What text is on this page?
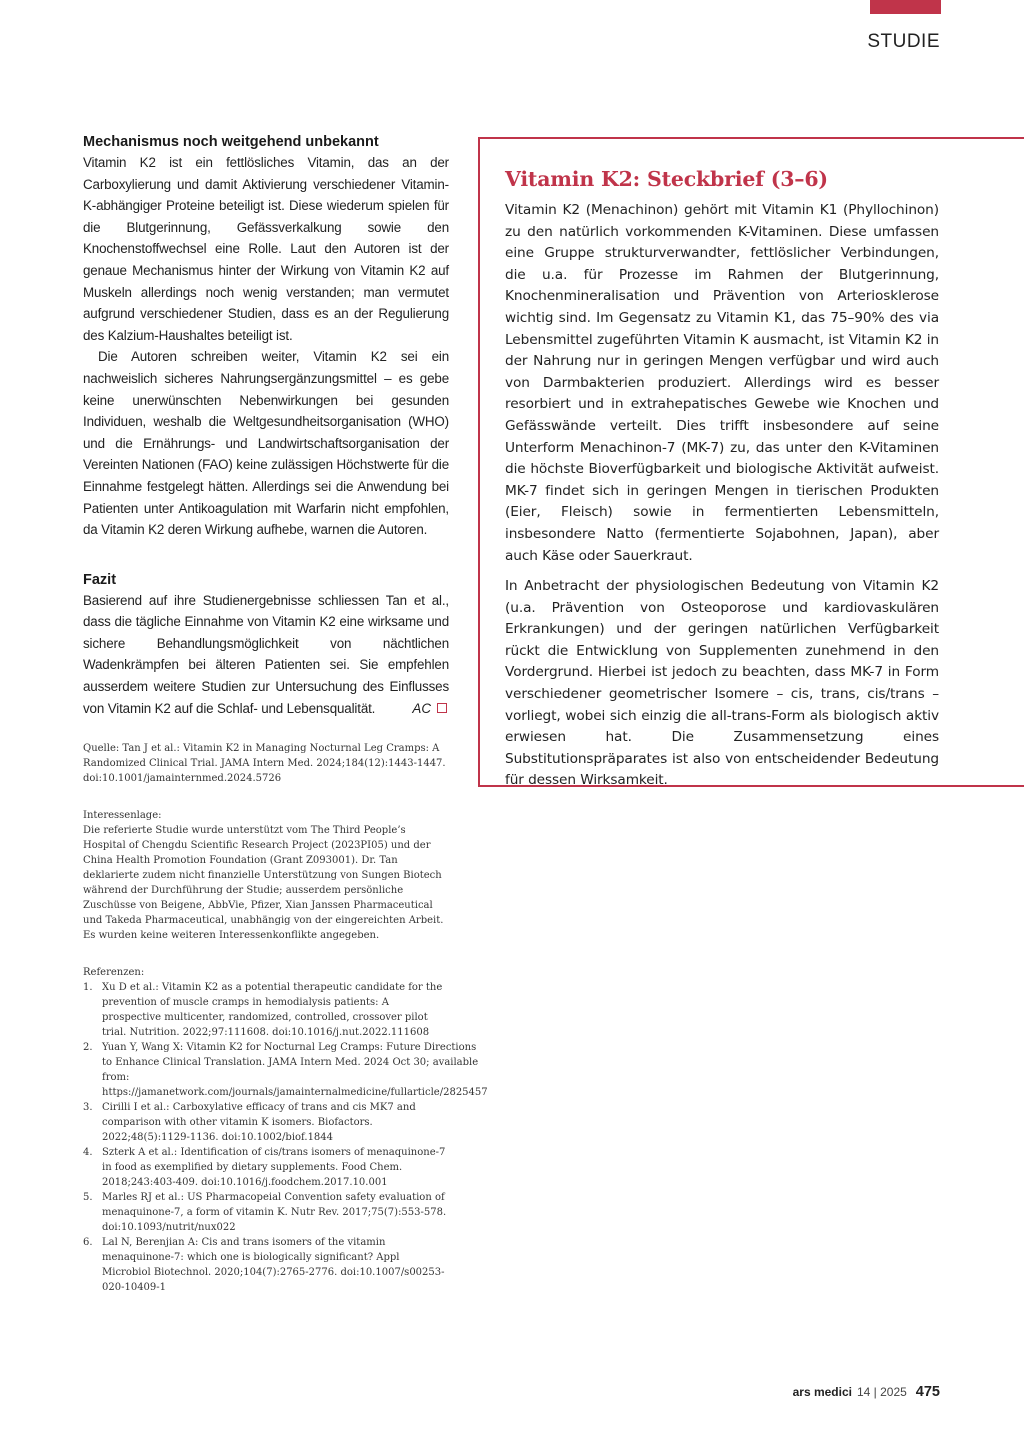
STUDIE
Mechanismus noch weitgehend unbekannt

Vitamin K2 ist ein fettlösliches Vitamin, das an der Carboxylierung und damit Aktivierung verschiedener Vitamin-K-abhängiger Proteine beteiligt ist. Diese wiederum spielen für die Blutgerinnung, Gefässverkalkung sowie den Knochenstoffwechsel eine Rolle. Laut den Autoren ist der genaue Mechanismus hinter der Wirkung von Vitamin K2 auf Muskeln allerdings noch wenig verstanden; man vermutet aufgrund verschiedener Studien, dass es an der Regulierung des Kalzium-Haushaltes beteiligt ist.

Die Autoren schreiben weiter, Vitamin K2 sei ein nachweislich sicheres Nahrungsergänzungsmittel – es gebe keine unerwünschten Nebenwirkungen bei gesunden Individuen, weshalb die Weltgesundheitsorganisation (WHO) und die Ernährungs- und Landwirtschaftsorganisation der Vereinten Nationen (FAO) keine zulässigen Höchstwerte für die Einnahme festgelegt hätten. Allerdings sei die Anwendung bei Patienten unter Antikoagulation mit Warfarin nicht empfohlen, da Vitamin K2 deren Wirkung aufhebe, warnen die Autoren.

Fazit

Basierend auf ihre Studienergebnisse schliessen Tan et al., dass die tägliche Einnahme von Vitamin K2 eine wirksame und sichere Behandlungsmöglichkeit von nächtlichen Wadenkrämpfen bei älteren Patienten sei. Sie empfehlen ausserdem weitere Studien zur Untersuchung des Einflusses von Vitamin K2 auf die Schlaf- und Lebensqualität.	AC

Quelle: Tan J et al.: Vitamin K2 in Managing Nocturnal Leg Cramps: A Randomized Clinical Trial. JAMA Intern Med. 2024;184(12):1443-1447. doi:10.1001/jamainternmed.2024.5726

Interessenlage:

Die referierte Studie wurde unterstützt vom The Third People’s Hospital of Chengdu Scientific Research Project (2023PI05) und der China Health Promotion Foundation (Grant Z093001). Dr. Tan deklarierte zudem nicht finanzielle Unterstützung von Sungen Biotech während der Durchführung der Studie; ausserdem persönliche Zuschüsse von Beigene, AbbVie, Pfizer, Xian Janssen Pharmaceutical und Takeda Pharmaceutical, unabhängig von der eingereichten Arbeit. Es wurden keine weiteren Interessenkonflikte angegeben.

Referenzen:

1. Xu D et al.: Vitamin K2 as a potential therapeutic candidate for the prevention of muscle cramps in hemodialysis patients: A prospective multicenter, randomized, controlled, crossover pilot trial. Nutrition. 2022;97:111608. doi:10.1016/j.nut.2022.111608
2. Yuan Y, Wang X: Vitamin K2 for Nocturnal Leg Cramps: Future Directions to Enhance Clinical Translation. JAMA Intern Med. 2024 Oct 30; available from: https://jamanetwork.com/journals/jamainternalmedicine/fullarticle/2825457
3. Cirilli I et al.: Carboxylative efficacy of trans and cis MK7 and comparison with other vitamin K isomers. Biofactors. 2022;48(5):1129-1136. doi:10.1002/biof.1844
4. Szterk A et al.: Identification of cis/trans isomers of menaquinone-7 in food as exemplified by dietary supplements. Food Chem. 2018;243:403-409. doi:10.1016/j.foodchem.2017.10.001
5. Marles RJ et al.: US Pharmacopeial Convention safety evaluation of menaquinone-7, a form of vitamin K. Nutr Rev. 2017;75(7):553-578. doi:10.1093/nutrit/nux022
6. Lal N, Berenjian A: Cis and trans isomers of the vitamin menaquinone-7: which one is biologically significant? Appl Microbiol Biotechnol. 2020;104(7):2765-2776. doi:10.1007/s00253-020-10409-1
Vitamin K2: Steckbrief (3–6)

Vitamin K2 (Menachinon) gehört mit Vitamin K1 (Phyllochinon) zu den natürlich vorkommenden K-Vitaminen. Diese umfassen eine Gruppe strukturverwandter, fettlöslicher Verbindungen, die u.a. für Prozesse im Rahmen der Blutgerinnung, Knochenmineralisation und Prävention von Arteriosklerose wichtig sind. Im Gegensatz zu Vitamin K1, das 75–90% des via Lebensmittel zugeführten Vitamin K ausmacht, ist Vitamin K2 in der Nahrung nur in geringen Mengen verfügbar und wird auch von Darmbakterien produziert. Allerdings wird es besser resorbiert und in extrahepatisches Gewebe wie Knochen und Gefässwände verteilt. Dies trifft insbesondere auf seine Unterform Menachinon-7 (MK-7) zu, das unter den K-Vitaminen die höchste Bioverfügbarkeit und biologische Aktivität aufweist. MK-7 findet sich in geringen Mengen in tierischen Produkten (Eier, Fleisch) sowie in fermentierten Lebensmitteln, insbesondere Natto (fermentierte Sojabohnen, Japan), aber auch Käse oder Sauerkraut.

In Anbetracht der physiologischen Bedeutung von Vitamin K2 (u.a. Prävention von Osteoporose und kardiovaskulären Erkrankungen) und der geringen natürlichen Verfügbarkeit rückt die Entwicklung von Supplementen zunehmend in den Vordergrund. Hierbei ist jedoch zu beachten, dass MK-7 in Form verschiedener geometrischer Isomere – cis, trans, cis/trans – vorliegt, wobei sich einzig die all-trans-Form als biologisch aktiv erwiesen hat. Die Zusammensetzung eines Substitutionspräparates ist also von entscheidender Bedeutung für dessen Wirksamkeit.

ars medici 14 | 2025 475
